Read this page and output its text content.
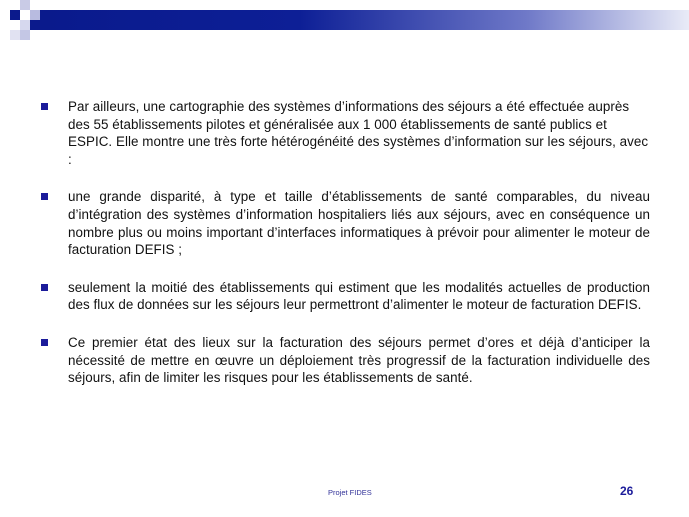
Par ailleurs, une cartographie des systèmes d’informations des séjours a été effectuée auprès des 55 établissements pilotes et généralisée aux 1 000 établissements de santé publics et ESPIC. Elle montre une très forte hétérogénéité des systèmes d’information sur les séjours, avec :
une grande disparité, à type et taille d’établissements de santé comparables, du niveau d’intégration des systèmes d’information hospitaliers liés aux séjours, avec en conséquence un nombre plus ou moins important d’interfaces informatiques à prévoir pour alimenter le moteur de facturation DEFIS ;
seulement la moitié des établissements qui estiment que les modalités actuelles de production des flux de données sur les séjours leur permettront d’alimenter le moteur de facturation DEFIS.
Ce premier état des lieux sur la facturation des séjours permet d’ores et déjà d’anticiper la nécessité de mettre en œuvre un déploiement très progressif de la facturation individuelle des séjours, afin de limiter les risques pour les établissements de santé.
Projet FIDES	26
